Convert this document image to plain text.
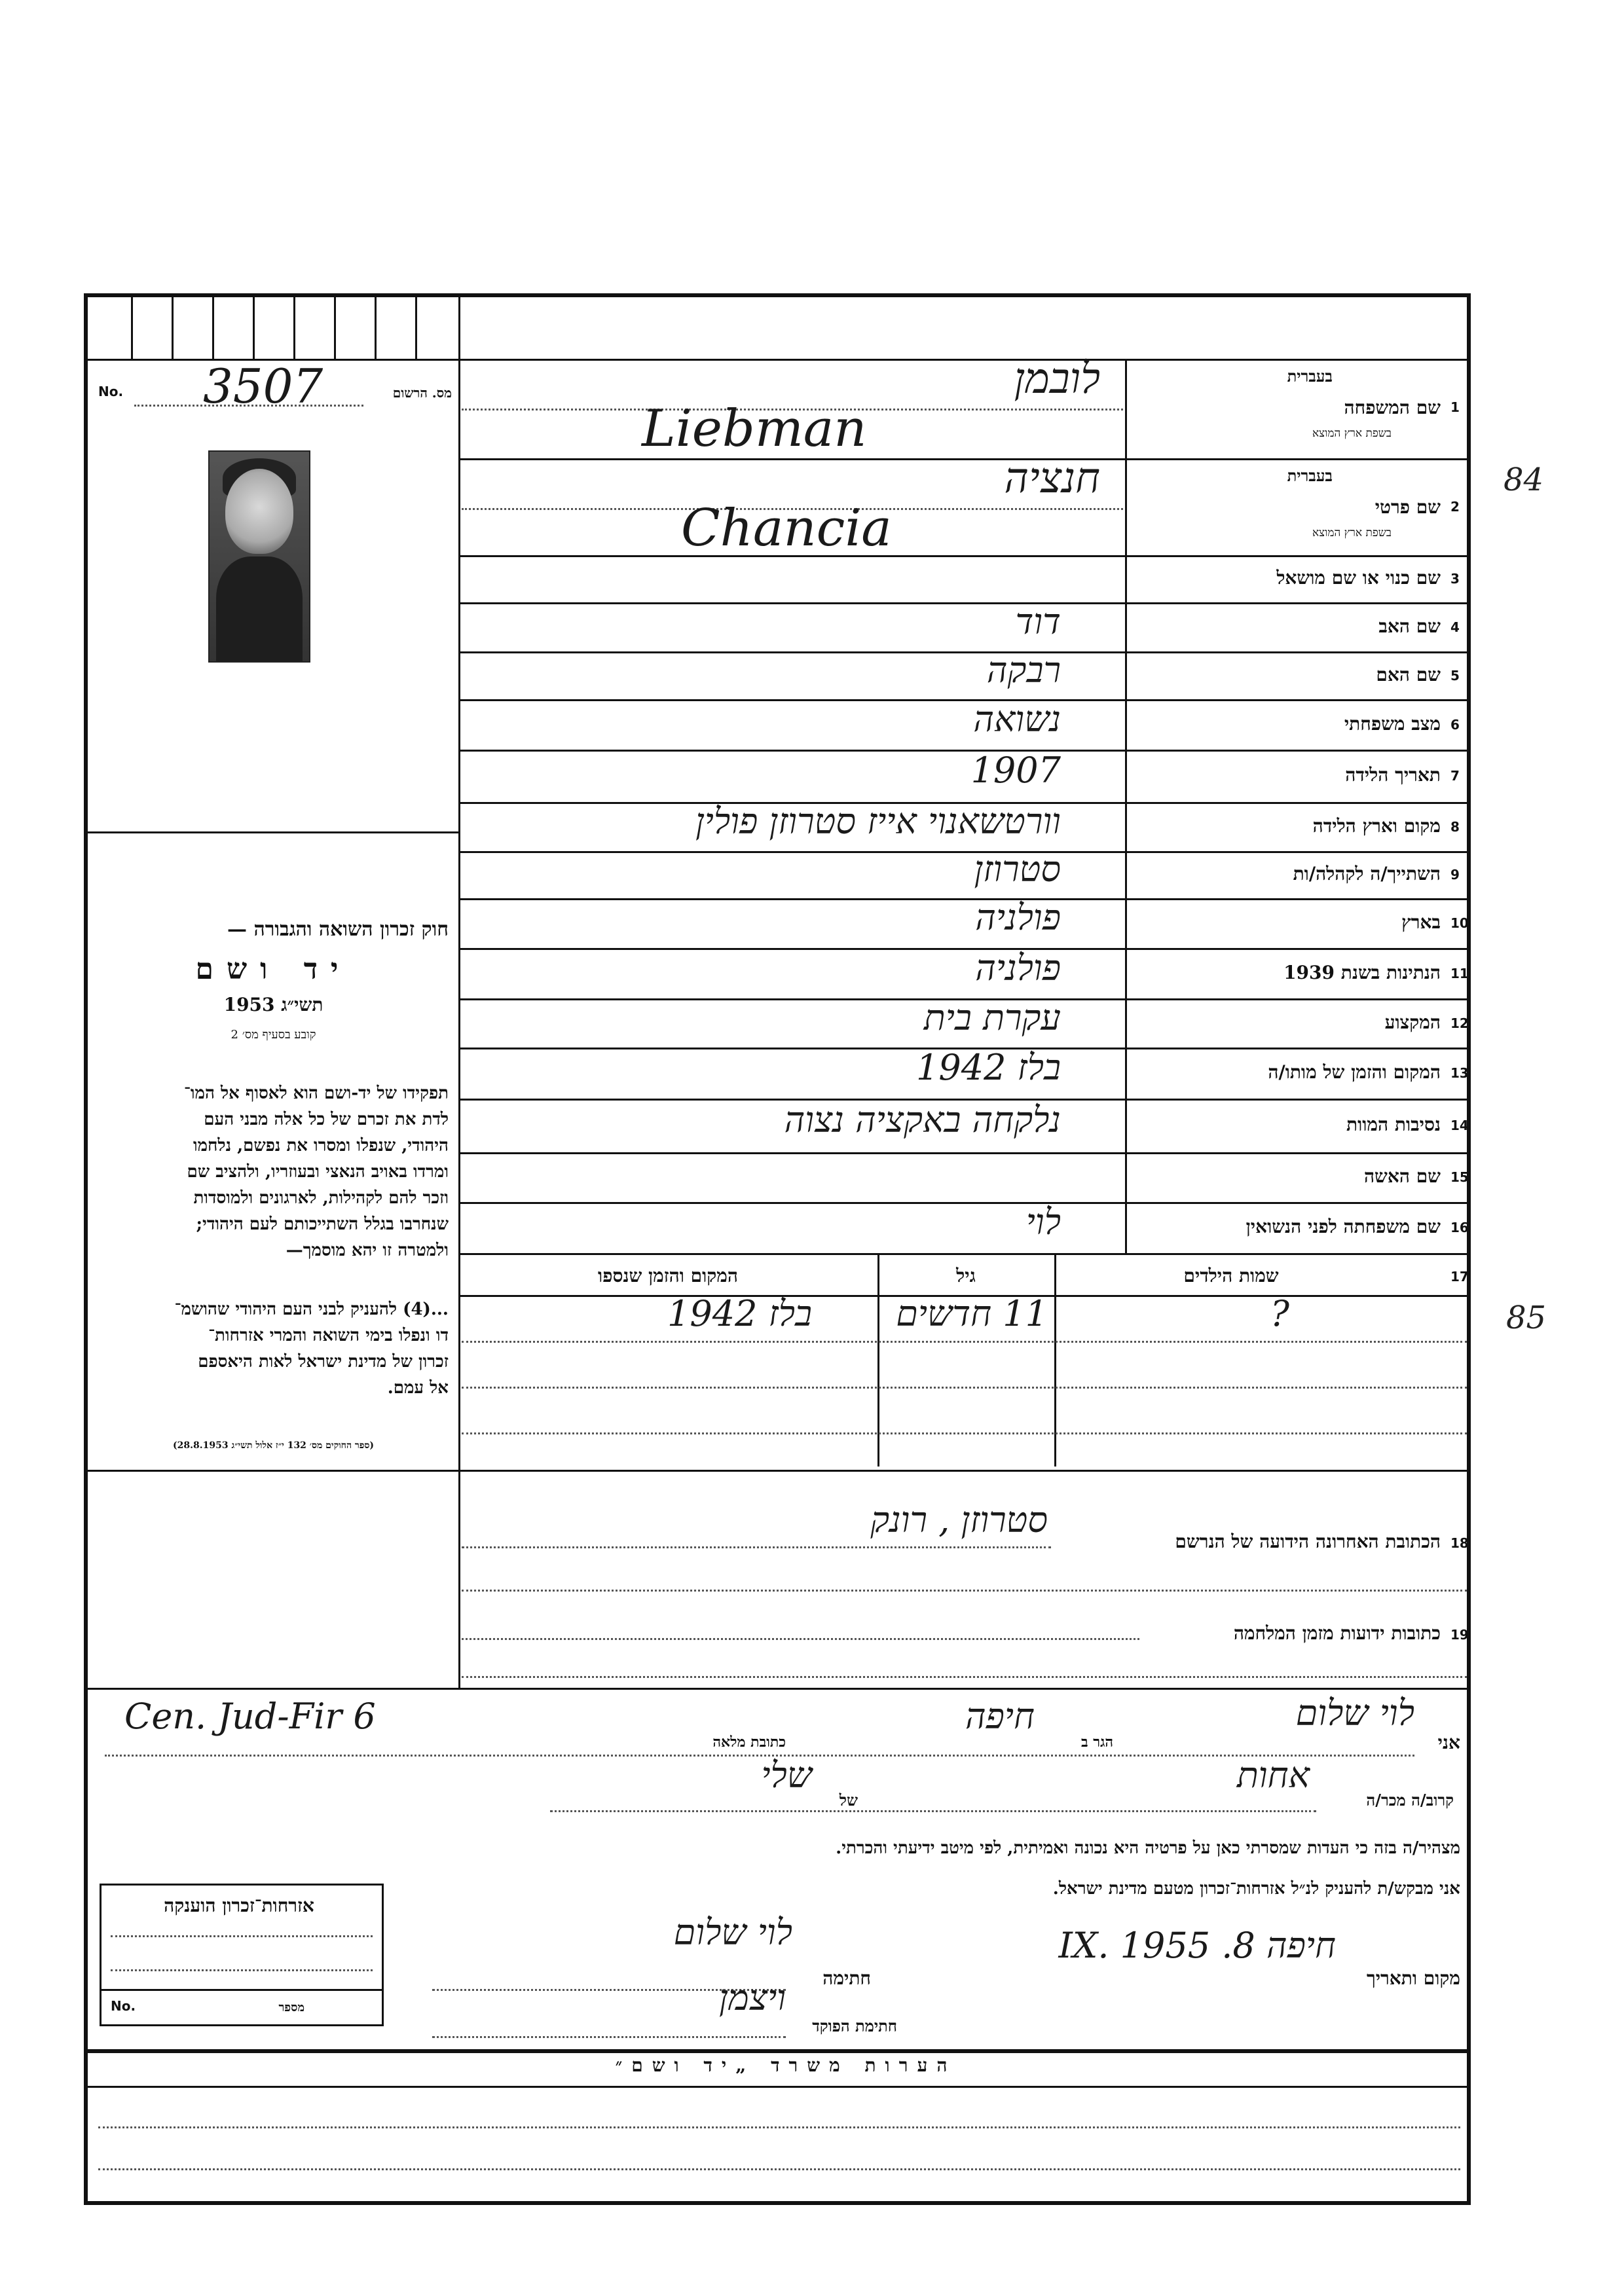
No. 3507	מס. הרשום
חוק זכרון השואה והגבורה —
יד ושם
תשי״ג 1953
קובע בסעיף מס׳ 2
תפקידו של יד-ושם הוא לאסוף אל המו־
לדת את זכרם של כל אלה מבני העם
היהודי, שנפלו ומסרו את נפשם, נלחמו
ומרדו באויב הנאצי ובעוזריו, ולהציב שם
וזכר להם לקהילות, לארגונים ולמוסדות
שנחרבו בגלל השתייכותם לעם היהודי;
ולמטרה זו יהא מוסמך—
...(4) להעניק לבני העם היהודי שהושמ־
דו ונפלו בימי השואה והמרי אזרחות־
זכרון של מדינת ישראל לאות היאספם
אל עמם.
(ספר החוקים מס׳ 132 י״ז אלול תשי״ג 28.8.1953)
1
שם המשפחה
בעברית
בשפת ארץ המוצא
לובמן
Liebman
2
שם פרטי
בעברית
בשפת ארץ המוצא
חנציה
Chancia
3
שם כנוי או שם מושאל
4
שם האב
דוד
5
שם האם
רבקה
6
מצב משפחתי
נשואה
7
תאריך הלידה
1907
8
מקום וארץ הלידה
וורטשאנוי אייז סטרוזן פולין
9
השתייך/ה לקהלה/ות
סטרוזן
10
בארץ
פולניה
11
הנתינות בשנת 1939
פולניה
12
המקצוע
עקרת בית
13
המקום והזמן של מותו/ה
בלז 1942
14
נסיבות המוות
נלקחה באקציה נצוה
15
שם האשה
16
שם משפחתה לפני הנשואין
לוי
17
שמות הילדים
גיל
המקום והזמן שנספו
?
11 חדשים
בלז 1942
18
הכתובת האחרונה הידועה של הנרשם
סטרוזן , רונק
19
כתובות ידועות מזמן המלחמה
אני
לוי שלום
הגר ב
חיפה
כתובת מלאה
Cen. Jud-Fir 6
קרוב/ה מכר/ה
אחות
של
שלי
מצהיר/ה בזה כי העדות שמסרתי כאן על פרטיה היא נכונה ואמיתית, לפי מיטב ידיעתי והכרתי.
אני מבקש/ת להעניק לנ״ל אזרחות־זכרון מטעם מדינת ישראל.
מקום ותאריך
חיפה 8. IX. 1955
חתימה
לוי שלום
חתימת הפוקד
ויצמן
אזרחות־זכרון הוענקה
No.	מספר
הערות משרד „יד ושם״
84
85
